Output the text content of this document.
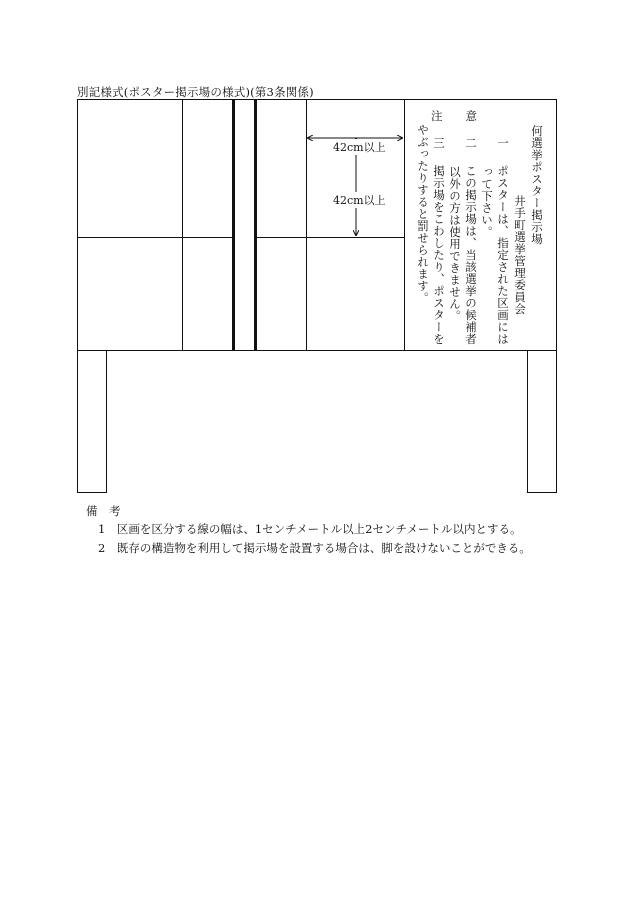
別記様式(ポスター掲示場の様式)(第3条関係)
42cm以上
42cm以上
注　　意
何選挙ポスター掲示場
井手町選挙管理委員会
一
ポスターは、指定された区画には
って下さい。
二
この掲示場は、当該選挙の候補者
以外の方は使用できません。
三
掲示場をこわしたり、ポスターを
やぶったりすると罰せられます。
備　考
1　区画を区分する線の幅は、1センチメートル以上2センチメートル以内とする。
2　既存の構造物を利用して掲示場を設置する場合は、脚を設けないことができる。
